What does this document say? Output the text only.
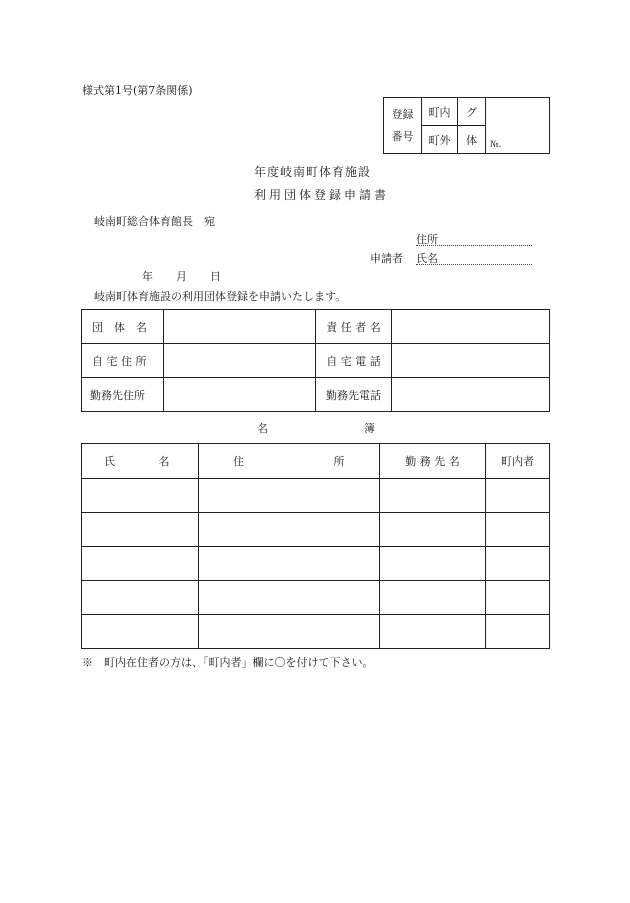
様式第1号(第7条関係)
登録
番号	町内	グ	№.
	町外	体	
年度岐南町体育施設
利用団体登録申請書
岐南町総合体育館長　宛
住所
申請者 氏名
年 月 日
岐南町体育施設の利用団体登録を申請いたします。
団　体　名		責 任 者 名	
自 宅 住 所		自 宅 電 話	
勤務先住所		勤務先電話	
名	簿
氏 名	住 所	勤 務 先 名	町内者

※　町内在住者の方は、「町内者」欄に〇を付けて下さい。
